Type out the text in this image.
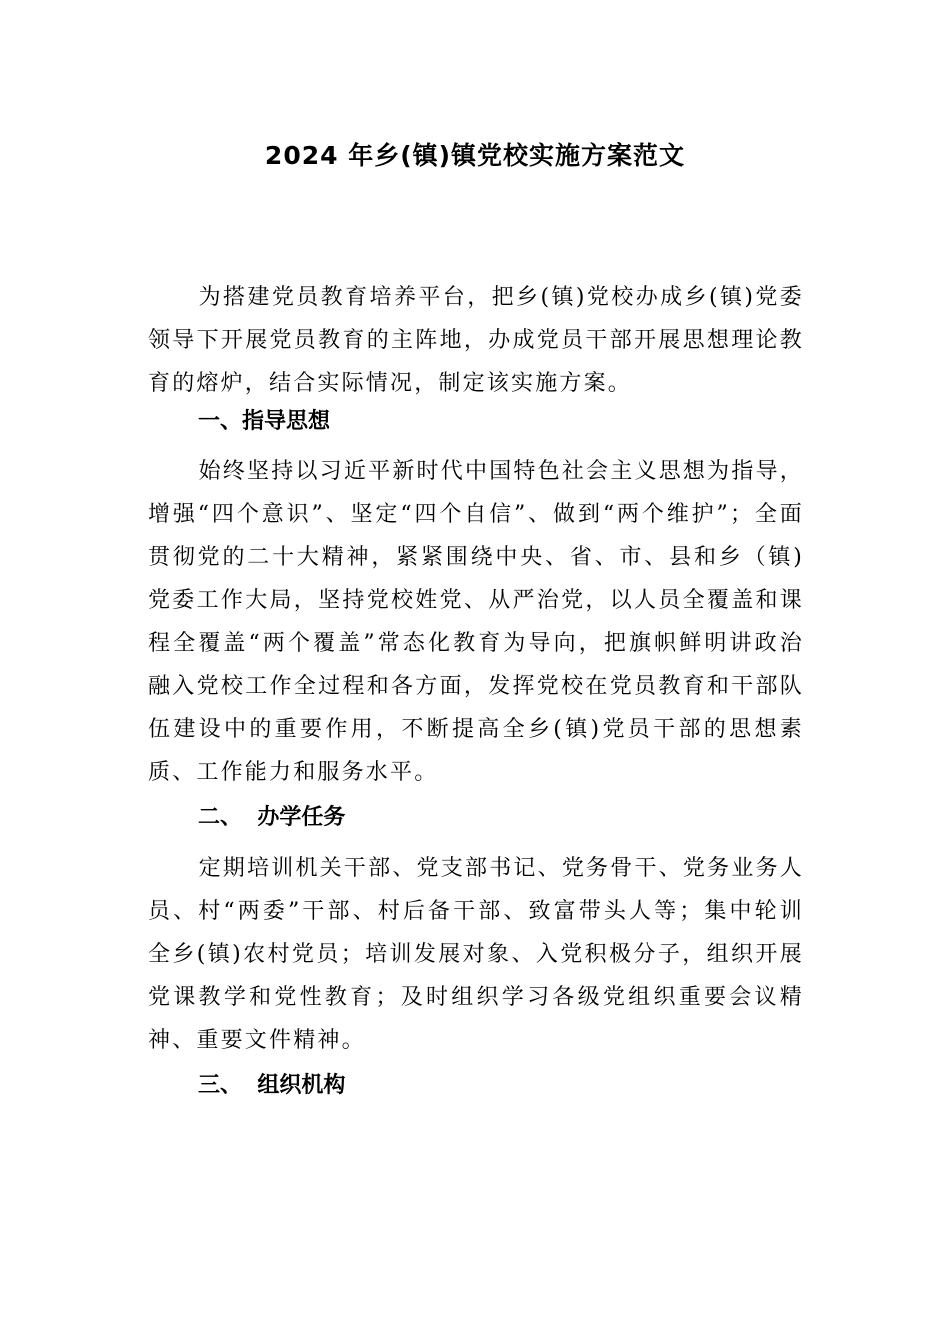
2024 年乡(镇)镇党校实施方案范文

为搭建党员教育培养平台，把乡(镇)党校办成乡(镇)党委领导下开展党员教育的主阵地，办成党员干部开展思想理论教育的熔炉，结合实际情况，制定该实施方案。

一、指导思想

始终坚持以习近平新时代中国特色社会主义思想为指导，增强“四个意识”、坚定“四个自信”、做到“两个维护”；全面贯彻党的二十大精神，紧紧围绕中央、省、市、县和乡（镇)党委工作大局，坚持党校姓党、从严治党，以人员全覆盖和课程全覆盖“两个覆盖”常态化教育为导向，把旗帜鲜明讲政治融入党校工作全过程和各方面，发挥党校在党员教育和干部队伍建设中的重要作用，不断提高全乡(镇)党员干部的思想素质、工作能力和服务水平。

二、  办学任务

定期培训机关干部、党支部书记、党务骨干、党务业务人员、村“两委”干部、村后备干部、致富带头人等；集中轮训全乡(镇)农村党员；培训发展对象、入党积极分子，组织开展党课教学和党性教育；及时组织学习各级党组织重要会议精神、重要文件精神。

三、  组织机构
